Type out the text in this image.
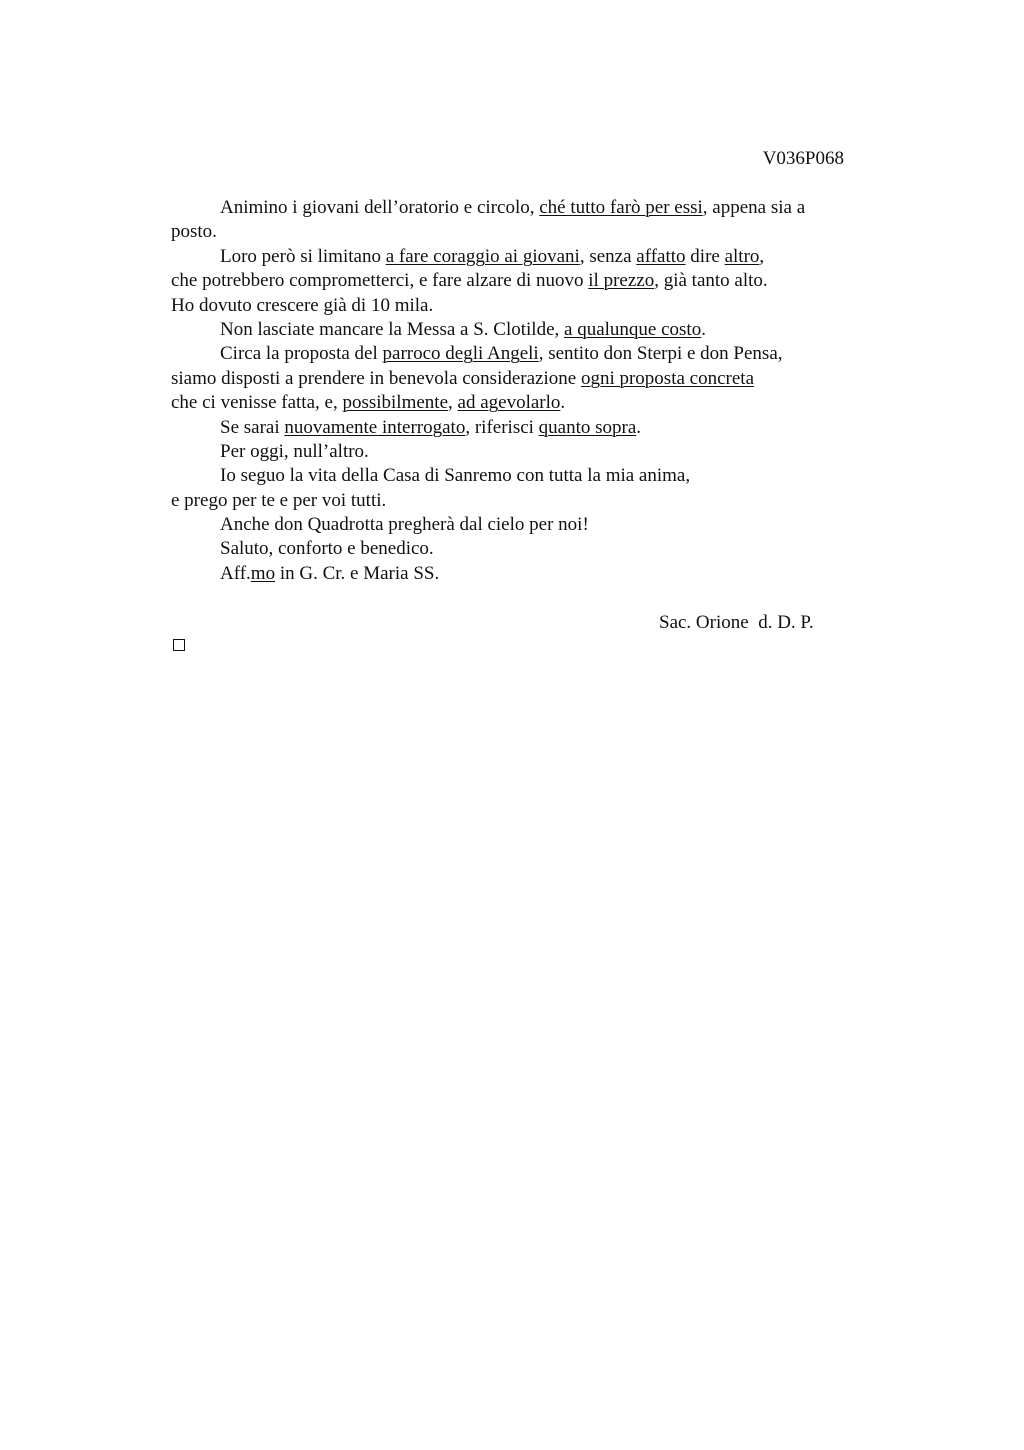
V036P068
Animino i giovani dell’oratorio e circolo, ché tutto farò per essi, appena sia a
posto.
Loro però si limitano a fare coraggio ai giovani, senza affatto dire altro,
che potrebbero comprometterci, e fare alzare di nuovo il prezzo, già tanto alto.
Ho dovuto crescere già di 10 mila.
Non lasciate mancare la Messa a S. Clotilde, a qualunque costo.
Circa la proposta del parroco degli Angeli, sentito don Sterpi e don Pensa,
siamo disposti a prendere in benevola considerazione ogni proposta concreta
che ci venisse fatta, e, possibilmente, ad agevolarlo.
Se sarai nuovamente interrogato, riferisci quanto sopra.
Per oggi, null’altro.
Io seguo la vita della Casa di Sanremo con tutta la mia anima,
e prego per te e per voi tutti.
Anche don Quadrotta pregherà dal cielo per noi!
Saluto, conforto e benedico.
Aff.mo in G. Cr. e Maria SS.
Sac. Orione  d. D. P.
